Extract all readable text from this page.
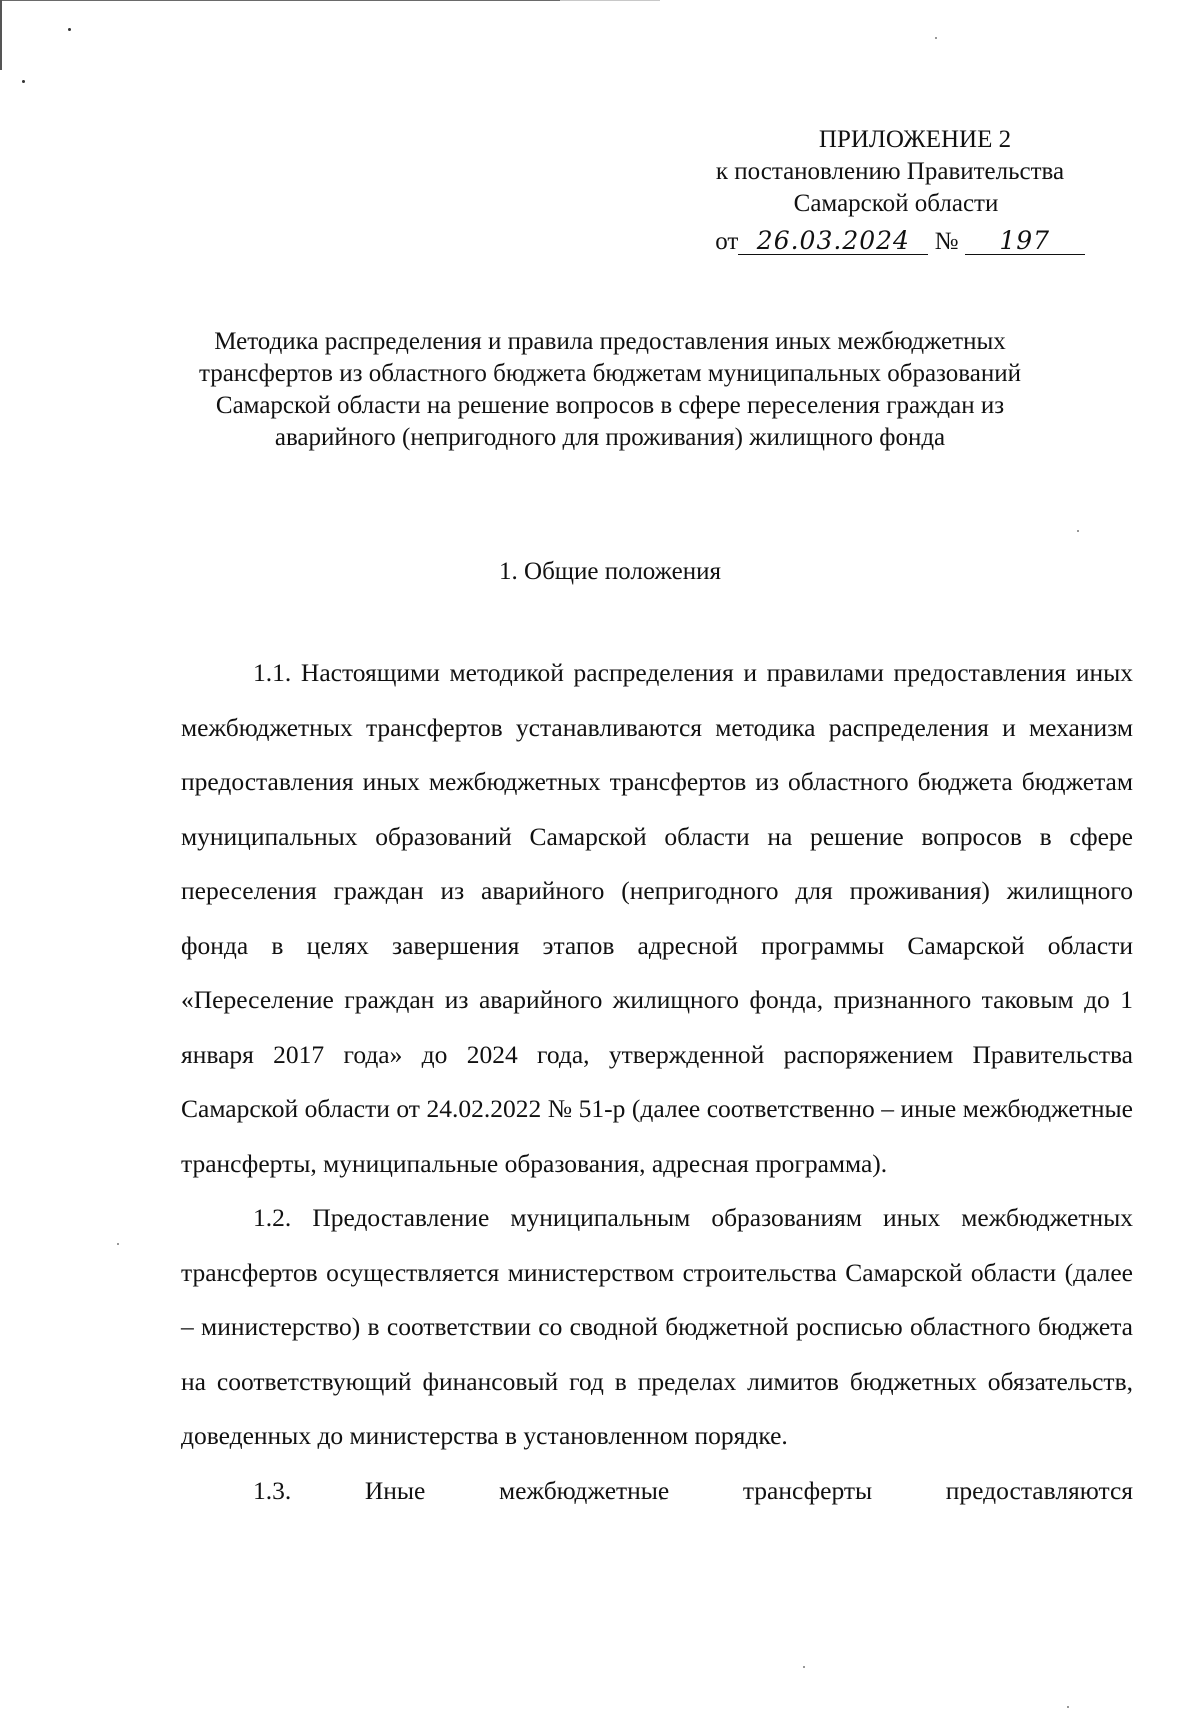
ПРИЛОЖЕНИЕ 2
к постановлению Правительства
Самарской области
от 26.03.2024 № 197
Методика распределения и правила предоставления иных межбюджетных трансфертов из областного бюджета бюджетам муниципальных образований Самарской области на решение вопросов в сфере переселения граждан из аварийного (непригодного для проживания) жилищного фонда
1. Общие положения

1.1. Настоящими методикой распределения и правилами предоставления иных межбюджетных трансфертов устанавливаются методика распределения и механизм предоставления иных межбюджетных трансфертов из областного бюджета бюджетам муниципальных образований Самарской области на решение вопросов в сфере переселения граждан из аварийного (непригодного для проживания) жилищного фонда в целях завершения этапов адресной программы Самарской области «Переселение граждан из аварийного жилищного фонда, признанного таковым до 1 января 2017 года» до 2024 года, утвержденной распоряжением Правительства Самарской области от 24.02.2022 № 51-р (далее соответственно – иные межбюджетные трансферты, муниципальные образования, адресная программа).

1.2. Предоставление муниципальным образованиям иных межбюджетных трансфертов осуществляется министерством строительства Самарской области (далее – министерство) в соответствии со сводной бюджетной росписью областного бюджета на соответствующий финансовый год в пределах лимитов бюджетных обязательств, доведенных до министерства в установленном порядке.

1.3. Иные межбюджетные трансферты предоставляются
